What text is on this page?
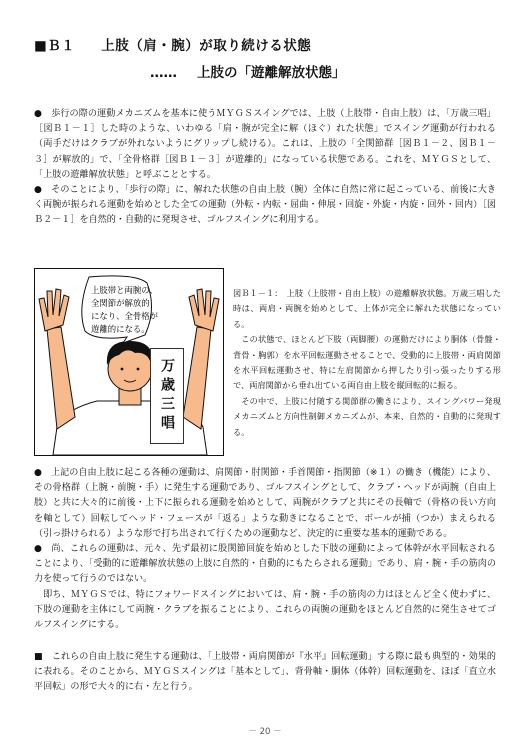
■Ｂ１ 上肢（肩・腕）が取り続ける状態
…… 上肢の「遊離解放状態」

●　歩行の際の運動メカニズムを基本に使うＭＹＧＳスイングでは、上肢（上肢帯・自由上肢）は、「万歳三唱」［図Ｂ１－１］した時のような、いわゆる「肩・腕が完全に解（ほぐ）れた状態」でスイング運動が行われる（両手だけはクラブが外れないようにグリップし続ける）。これは、上肢の「全関節群［図Ｂ１－２、図Ｂ１－３］が解放的」で、「全骨格群［図Ｂ１－３］が遊離的」になっている状態である。これを、ＭＹＧＳとして、「上肢の遊離解放状態」と呼ぶこととする。

●　そのことにより、「歩行の際」に、解れた状態の自由上肢（腕）全体に自然に常に起こっている、前後に大きく両腕が振られる運動を始めとした全ての運動（外転・内転・屈曲・伸展・回旋・外旋・内旋・回外・回内）［図Ｂ２－１］を自然的・自動的に発現させ、ゴルフスイングに利用する。

上肢帯と両腕の、
全関節が解放的
になり、全骨格が
遊離的になる。
万歳三唱

図Ｂ１－１：　上肢（上肢帯・自由上肢）の遊離解放状態。万歳三唱した時は、両肩・両腕を始めとして、上体が完全に解れた状態になっている。

この状態で、ほとんど下肢（両脚腰）の運動だけにより胴体（骨盤・背骨・胸郭）を水平回転運動させることで、受動的に上肢帯・両肩関節を水平回転運動させ、特に左肩関節から押したり引っ張ったりする形で、両肩関節から垂れ出ている両自由上肢を縦回転的に振る。

その中で、上肢に付随する関節群の働きにより、スイングパワー発現メカニズムと方向性制御メカニズムが、本来、自然的・自動的に発現する。

●　上記の自由上肢に起こる各種の運動は、肩関節・肘関節・手首関節・指関節（※１）の働き（機能）により、その骨格群（上腕・前腕・手）に発生する運動であり、ゴルフスイングとして、クラブ・ヘッドが両腕（自由上肢）と共に大々的に前後・上下に振られる運動を始めとして、両腕がクラブと共にその長軸で（骨格の長い方向を軸として）回転してヘッド・フェースが「返る」ような動きになることで、ボールが捕（つか）まえられる（引っ掛けられる）ような形で打ち出されて行くための運動など、決定的に重要な基本的運動である。

●　尚、これらの運動は、元々、先ず最初に股関節回旋を始めとした下肢の運動によって体幹が水平回転されることにより、「受動的に遊離解放状態の上肢に自然的・自動的にもたらされる運動」であり、肩・腕・手の筋肉の力を使って行うのではない。

即ち、ＭＹＧＳでは、特にフォワードスイングにおいては、肩・腕・手の筋肉の力はほとんど全く使わずに、下肢の運動を主体にして両腕・クラブを振ることにより、これらの両腕の運動をほとんど自然的に発生させてゴルフスイングにする。

■　これらの自由上肢に発生する運動は、「上肢帯・両肩関節が『水平』回転運動」する際に最も典型的・効果的に表れる。そのことから、ＭＹＧＳスイングは「基本として」、背骨軸・胴体（体幹）回転運動を、ほぼ「直立水平回転」の形で大々的に右・左と行う。

－ 20 －
